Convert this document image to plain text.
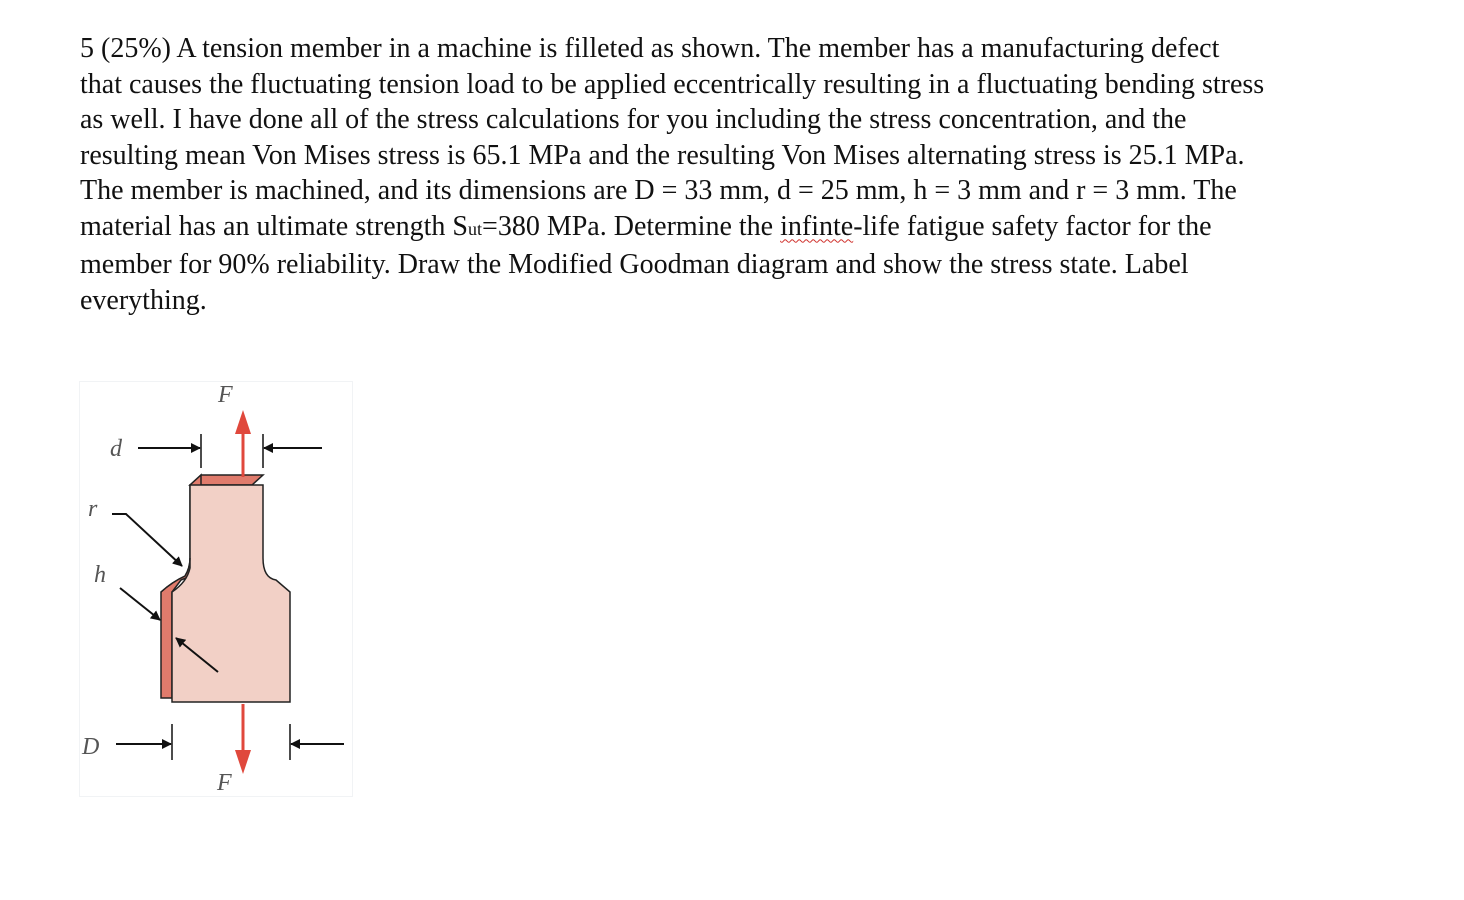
5 (25%) A tension member in a machine is filleted as shown. The member has a manufacturing defect
that causes the fluctuating tension load to be applied eccentrically resulting in a fluctuating bending stress
as well. I have done all of the stress calculations for you including the stress concentration, and the
resulting mean Von Mises stress is 65.1 MPa and the resulting Von Mises alternating stress is 25.1 MPa.
The member is machined, and its dimensions are D = 33 mm, d = 25 mm, h = 3 mm and r = 3 mm. The
material has an ultimate strength Sut=380 MPa. Determine the infinte-life fatigue safety factor for the
member for 90% reliability. Draw the Modified Goodman diagram and show the stress state. Label
everything.
F
F
d
r
h
D
